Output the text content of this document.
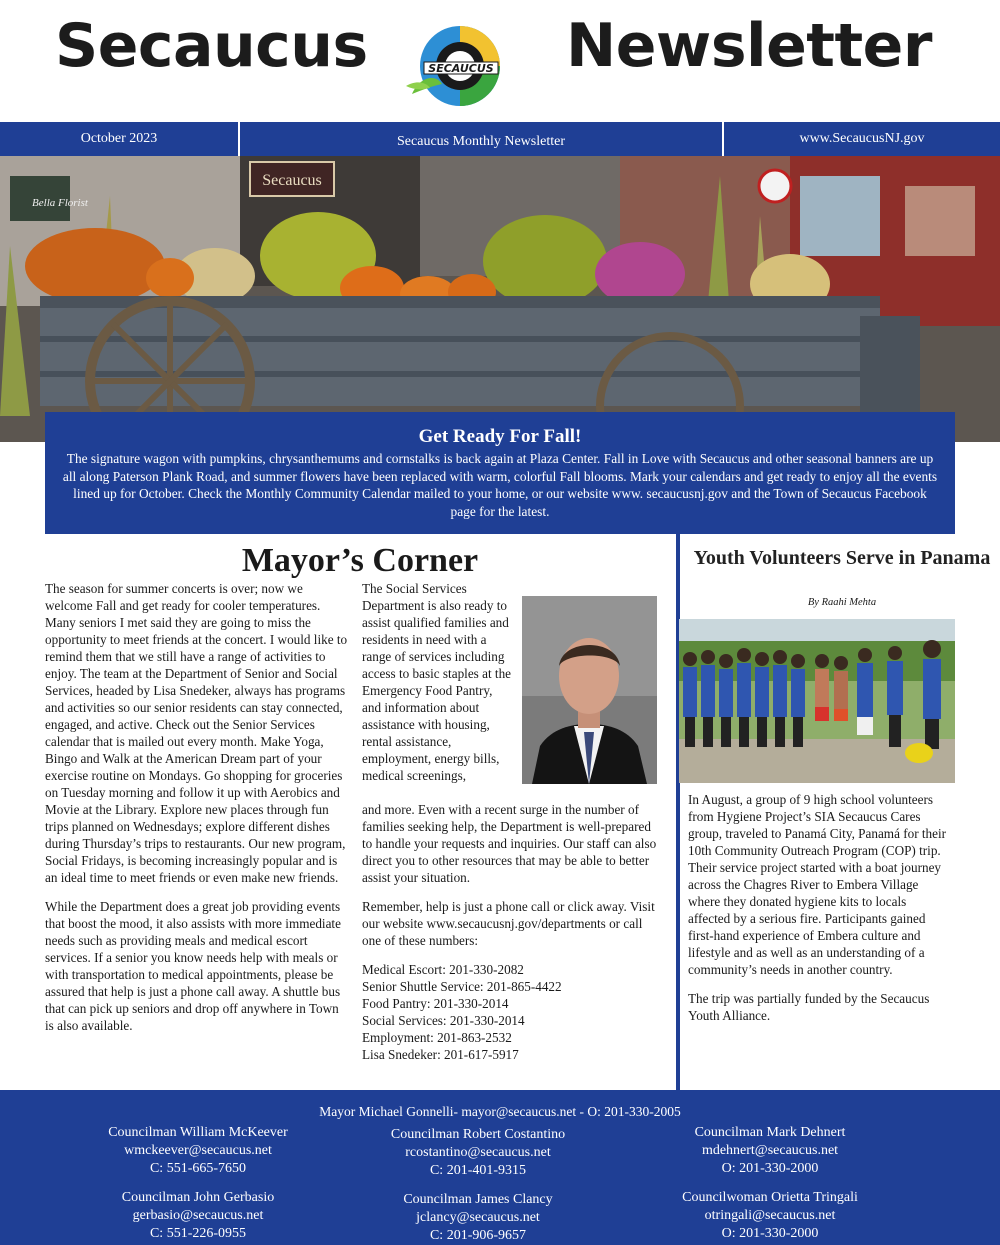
Secaucus	SECAUCUS Newsletter
October 2023	Secaucus Monthly Newsletter	www.SecaucusNJ.gov
Secaucus
Bella Florist
Get Ready For Fall!
The signature wagon with pumpkins, chrysanthemums and cornstalks is back again at Plaza Center. Fall in Love with Secaucus and other seasonal banners are up all along Paterson Plank Road, and summer flowers have been replaced with warm, colorful Fall blooms. Mark your calendars and get ready to enjoy all the events lined up for October. Check the Monthly Community Calendar mailed to your home, or our website www. secaucusnj.gov and the Town of Secaucus Facebook page for the latest.
Mayor’s Corner

The season for summer concerts is over; now we welcome Fall and get ready for cooler temperatures. Many seniors I met said they are going to miss the opportunity to meet friends at the concert. I would like to remind them that we still have a range of activities to enjoy. The team at the Department of Senior and Social Services, headed by Lisa Snedeker, always has programs and activities so our senior residents can stay connected, engaged, and active. Check out the Senior Services calendar that is mailed out every month. Make Yoga, Bingo and Walk at the American Dream part of your exercise routine on Mondays. Go shopping for groceries on Tuesday morning and follow it up with Aerobics and Movie at the Library. Explore new places through fun trips planned on Wednesdays; explore different dishes during Thursday’s trips to restaurants. Our new program, Social Fridays, is becoming increasingly popular and is an ideal time to meet friends or even make new friends.

While the Department does a great job providing events that boost the mood, it also assists with more immediate needs such as providing meals and medical escort services. If a senior you know needs help with meals or with transportation to medical appointments, please be assured that help is just a phone call away. A shuttle bus that can pick up seniors and drop off anywhere in Town is also available.

The Social Services Department is also ready to assist qualified families and residents in need with a range of services including access to basic staples at the Emergency Food Pantry, and information about assistance with housing, rental assistance, employment, energy bills, medical screenings,

and more. Even with a recent surge in the number of families seeking help, the Department is well-prepared to handle your requests and inquiries. Our staff can also direct you to other resources that may be able to better assist your situation.

Remember, help is just a phone call or click away. Visit our website www.secaucusnj.gov/departments or call one of these numbers:

Medical Escort: 201-330-2082

Senior Shuttle Service: 201-865-4422

Food Pantry: 201-330-2014

Social Services: 201-330-2014

Employment: 201-863-2532

Lisa Snedeker: 201-617-5917

Youth Volunteers Serve in Panama
By Raahi Mehta

In August, a group of 9 high school volunteers from Hygiene Project’s SIA Secaucus Cares group, traveled to Panamá City, Panamá for their 10th Community Outreach Program (COP) trip. Their service project started with a boat journey across the Chagres River to Embera Village where they donated hygiene kits to locals affected by a serious fire. Participants gained first-hand experience of Embera culture and lifestyle and as well as an understanding of a community’s needs in another country.

The trip was partially funded by the Secaucus Youth Alliance.

Mayor Michael Gonnelli- mayor@secaucus.net - O: 201-330-2005
Councilman William McKeever
wmckeever@secaucus.net
C: 551-665-7650
Councilman Robert Costantino
rcostantino@secaucus.net
C: 201-401-9315
Councilman Mark Dehnert
mdehnert@secaucus.net
O: 201-330-2000
Councilman John Gerbasio
gerbasio@secaucus.net
C: 551-226-0955
Councilman James Clancy
jclancy@secaucus.net
C: 201-906-9657
Councilwoman Orietta Tringali
otringali@secaucus.net
O: 201-330-2000
